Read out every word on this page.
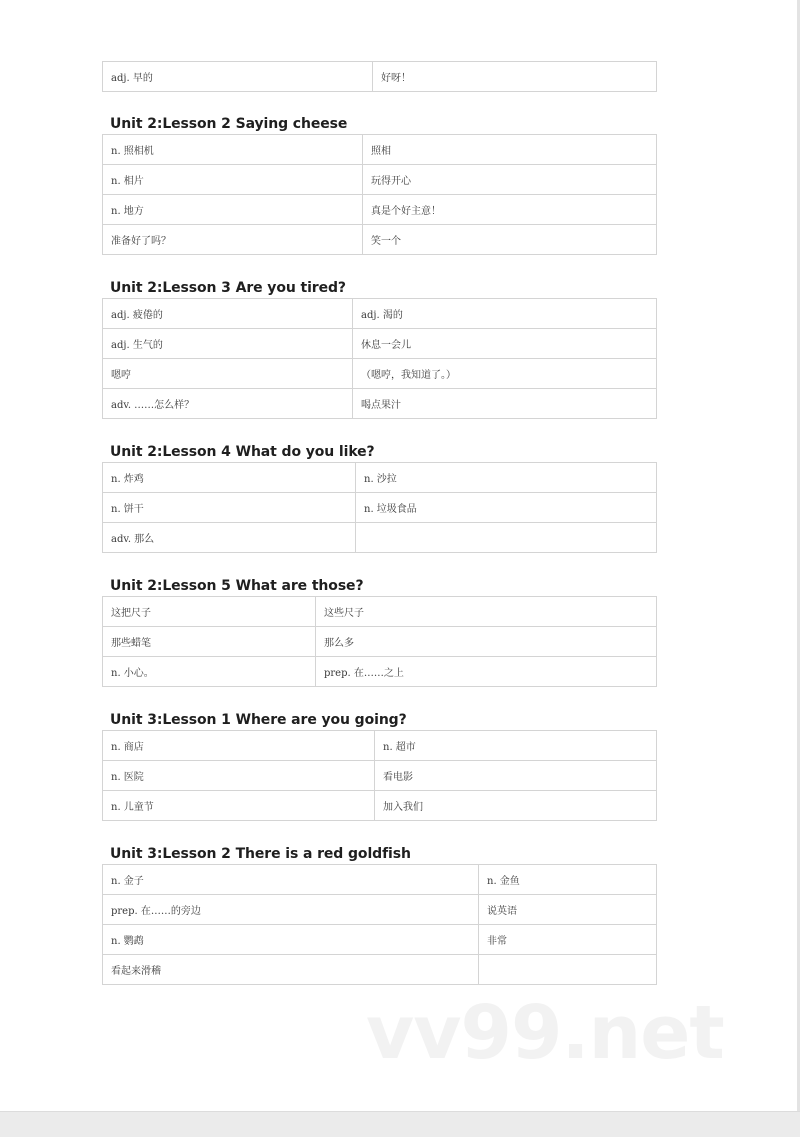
adj. 早的	好呀！
Unit 2:Lesson 2 Saying cheese
n. 照相机	照相
n. 相片	玩得开心
n. 地方	真是个好主意！
准备好了吗？	笑一个
Unit 2:Lesson 3 Are you tired?
adj. 疲倦的	adj. 渴的
adj. 生气的	休息一会儿
嗯哼	（嗯哼，我知道了。）
adv. ……怎么样？	喝点果汁
Unit 2:Lesson 4 What do you like?
n. 炸鸡	n. 沙拉
n. 饼干	n. 垃圾食品
adv. 那么	
Unit 2:Lesson 5 What are those?
这把尺子	这些尺子
那些蜡笔	那么多
n. 小心。	prep. 在……之上
Unit 3:Lesson 1 Where are you going?
n. 商店	n. 超市
n. 医院	看电影
n. 儿童节	加入我们
Unit 3:Lesson 2 There is a red goldfish
n. 金子	n. 金鱼
prep. 在……的旁边	说英语
n. 鹦鹉	非常
看起来滑稽	
vv99.net
